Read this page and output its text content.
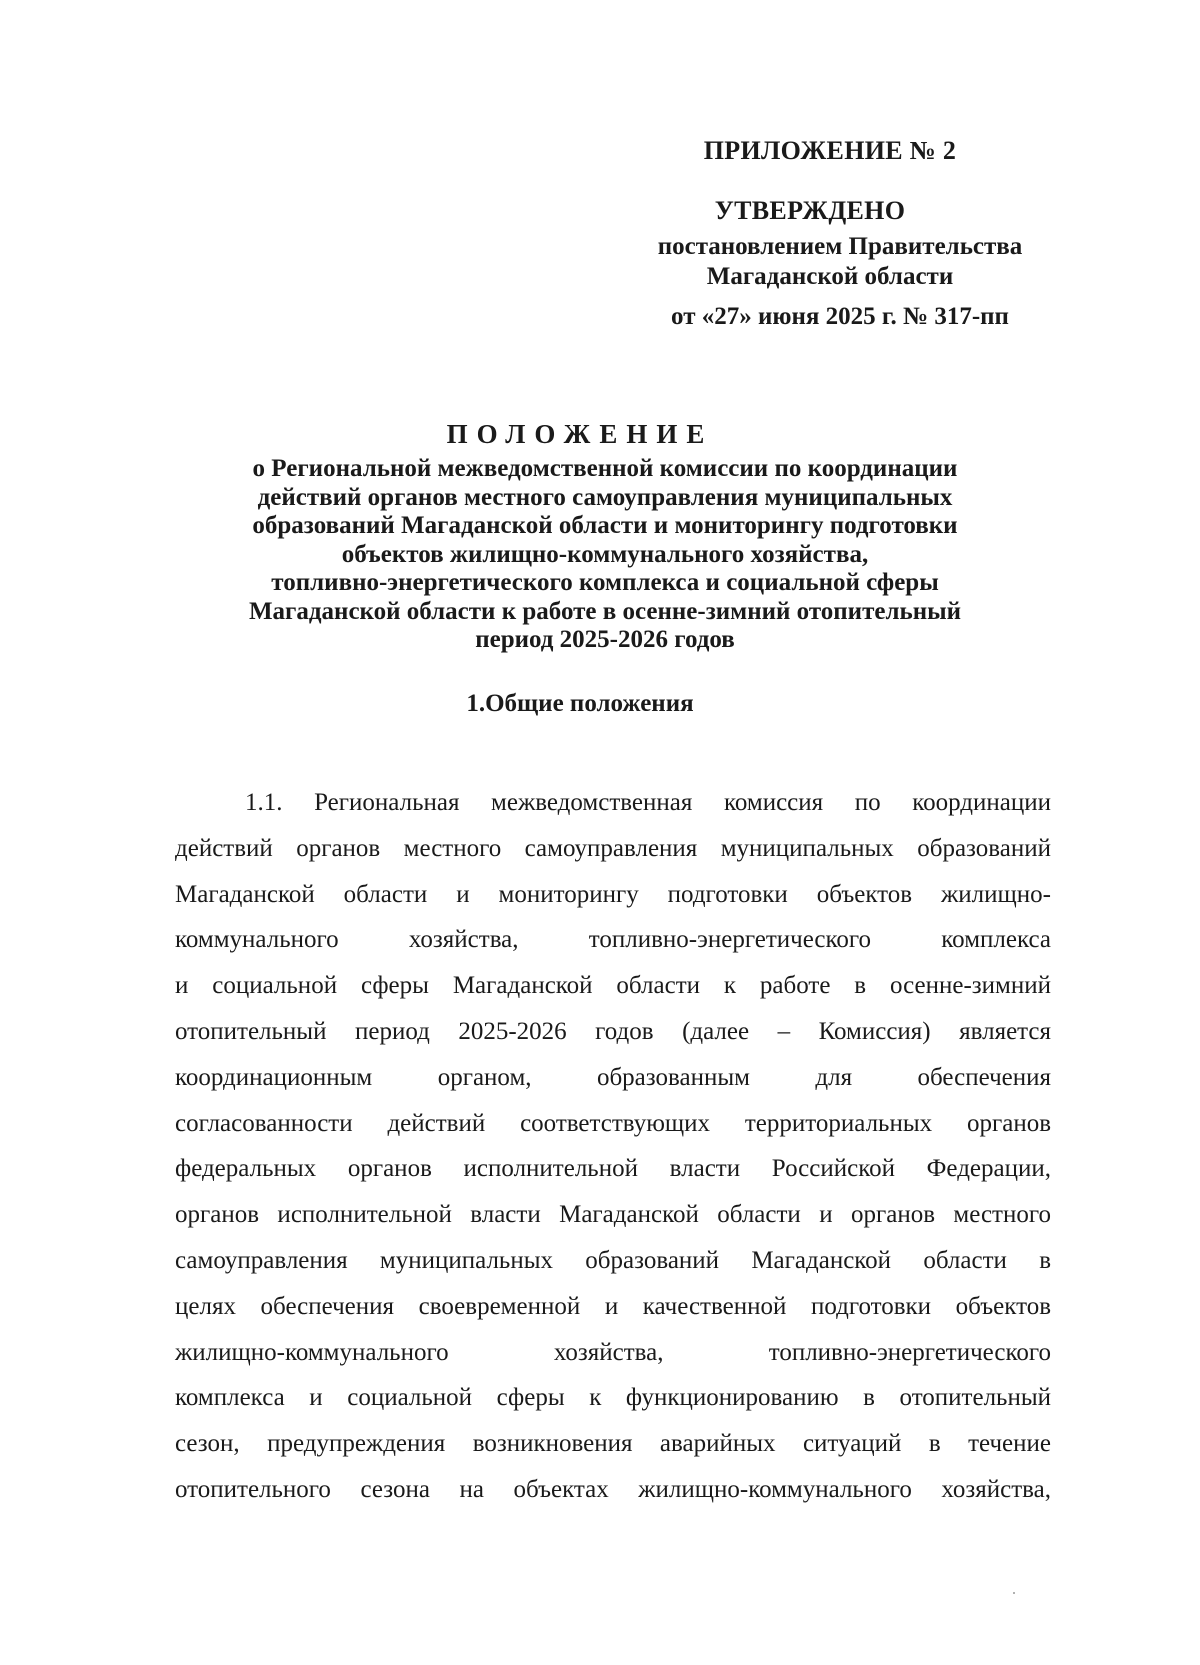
ПРИЛОЖЕНИЕ № 2
УТВЕРЖДЕНО
постановлением Правительства
Магаданской области
от «27» июня 2025 г. № 317-пп
ПОЛОЖЕНИЕ
о Региональной межведомственной комиссии по координации
действий органов местного самоуправления муниципальных
образований Магаданской области и мониторингу подготовки
объектов жилищно-коммунального хозяйства,
топливно-энергетического комплекса и социальной сферы
Магаданской области к работе в осенне-зимний отопительный
период 2025-2026 годов
1.Общие положения
1.1. Региональная межведомственная комиссия по координации
действий органов местного самоуправления муниципальных образований
Магаданской области и мониторингу подготовки объектов жилищно-
коммунального хозяйства, топливно-энергетического комплекса
и социальной сферы Магаданской области к работе в осенне-зимний
отопительный период 2025-2026 годов (далее – Комиссия) является
координационным органом, образованным для обеспечения
согласованности действий соответствующих территориальных органов
федеральных органов исполнительной власти Российской Федерации,
органов исполнительной власти Магаданской области и органов местного
самоуправления муниципальных образований Магаданской области в
целях обеспечения своевременной и качественной подготовки объектов
жилищно-коммунального хозяйства, топливно-энергетического
комплекса и социальной сферы к функционированию в отопительный
сезон, предупреждения возникновения аварийных ситуаций в течение
отопительного сезона на объектах жилищно-коммунального хозяйства,
